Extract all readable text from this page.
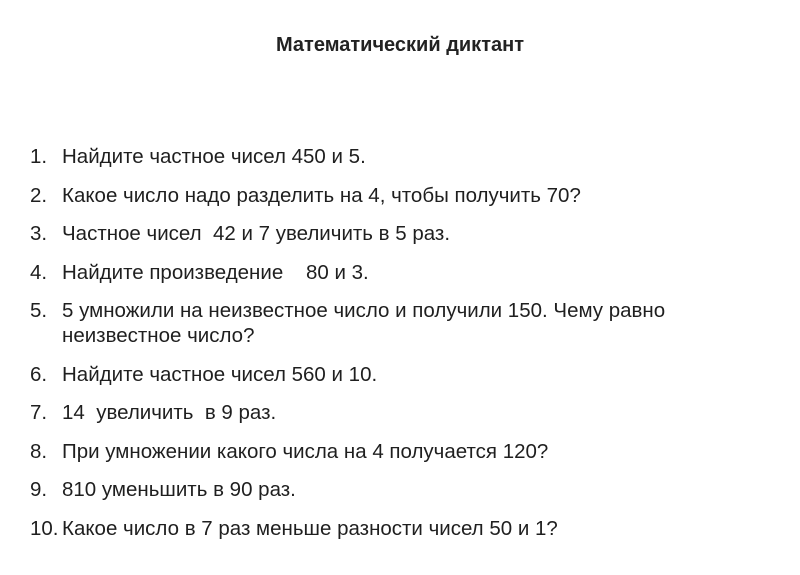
Математический диктант
1. Найдите частное чисел 450 и 5.
2. Какое число надо разделить на 4, чтобы получить 70?
3. Частное чисел  42 и 7 увеличить в 5 раз.
4. Найдите произведение    80 и 3.
5. 5 умножили на неизвестное число и получили 150. Чему равно неизвестное число?
6. Найдите частное чисел 560 и 10.
7. 14  увеличить  в 9 раз.
8. При умножении какого числа на 4 получается 120?
9. 810 уменьшить в 90 раз.
10. Какое число в 7 раз меньше разности чисел 50 и 1?
